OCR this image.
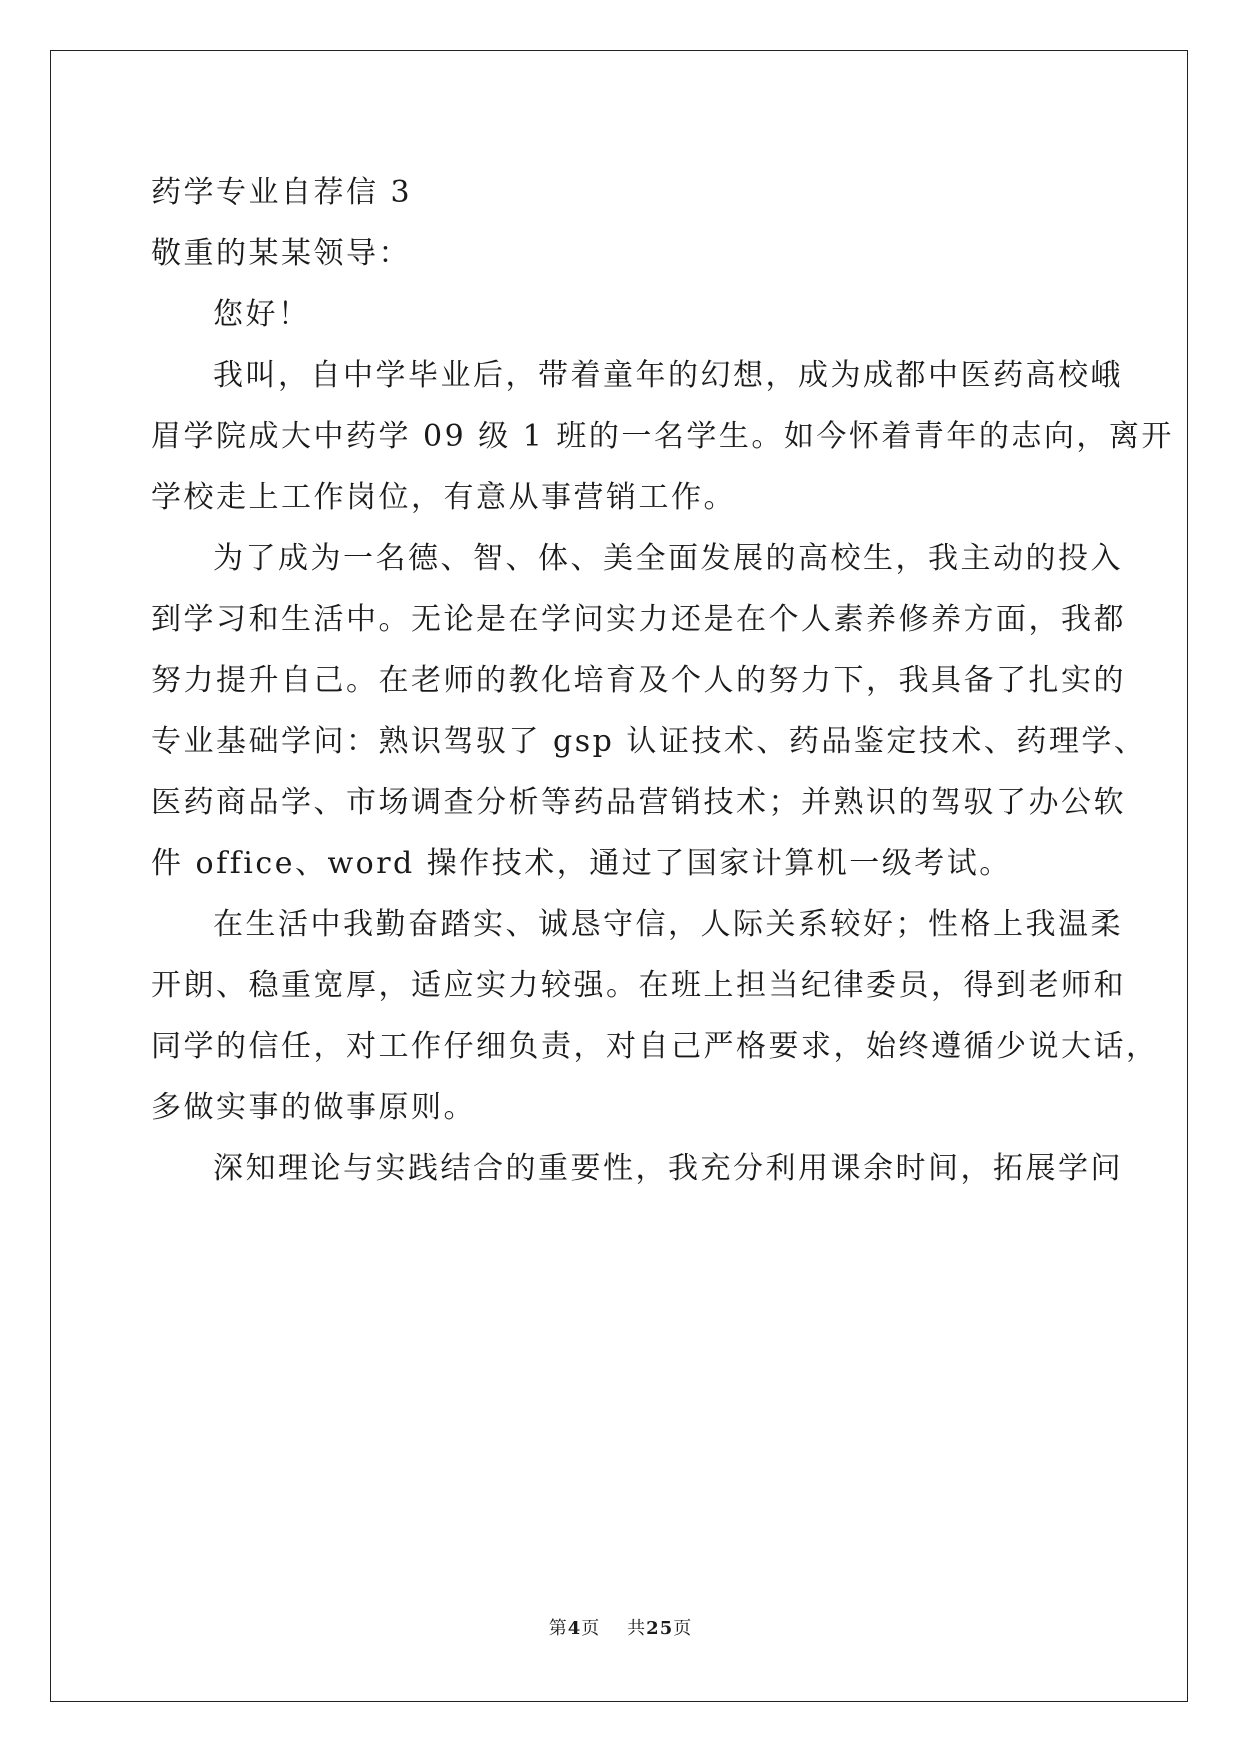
药学专业自荐信 3

敬重的某某领导：

您好！

我叫，自中学毕业后，带着童年的幻想，成为成都中医药高校峨

眉学院成大中药学 09 级 1 班的一名学生。如今怀着青年的志向，离开

学校走上工作岗位，有意从事营销工作。

为了成为一名德、智、体、美全面发展的高校生，我主动的投入

到学习和生活中。无论是在学问实力还是在个人素养修养方面，我都

努力提升自己。在老师的教化培育及个人的努力下，我具备了扎实的

专业基础学问：熟识驾驭了 gsp 认证技术、药品鉴定技术、药理学、

医药商品学、市场调查分析等药品营销技术；并熟识的驾驭了办公软

件 office、word 操作技术，通过了国家计算机一级考试。

在生活中我勤奋踏实、诚恳守信，人际关系较好；性格上我温柔

开朗、稳重宽厚，适应实力较强。在班上担当纪律委员，得到老师和

同学的信任，对工作仔细负责，对自己严格要求，始终遵循少说大话，

多做实事的做事原则。

深知理论与实践结合的重要性，我充分利用课余时间，拓展学问

第4页 共25页
